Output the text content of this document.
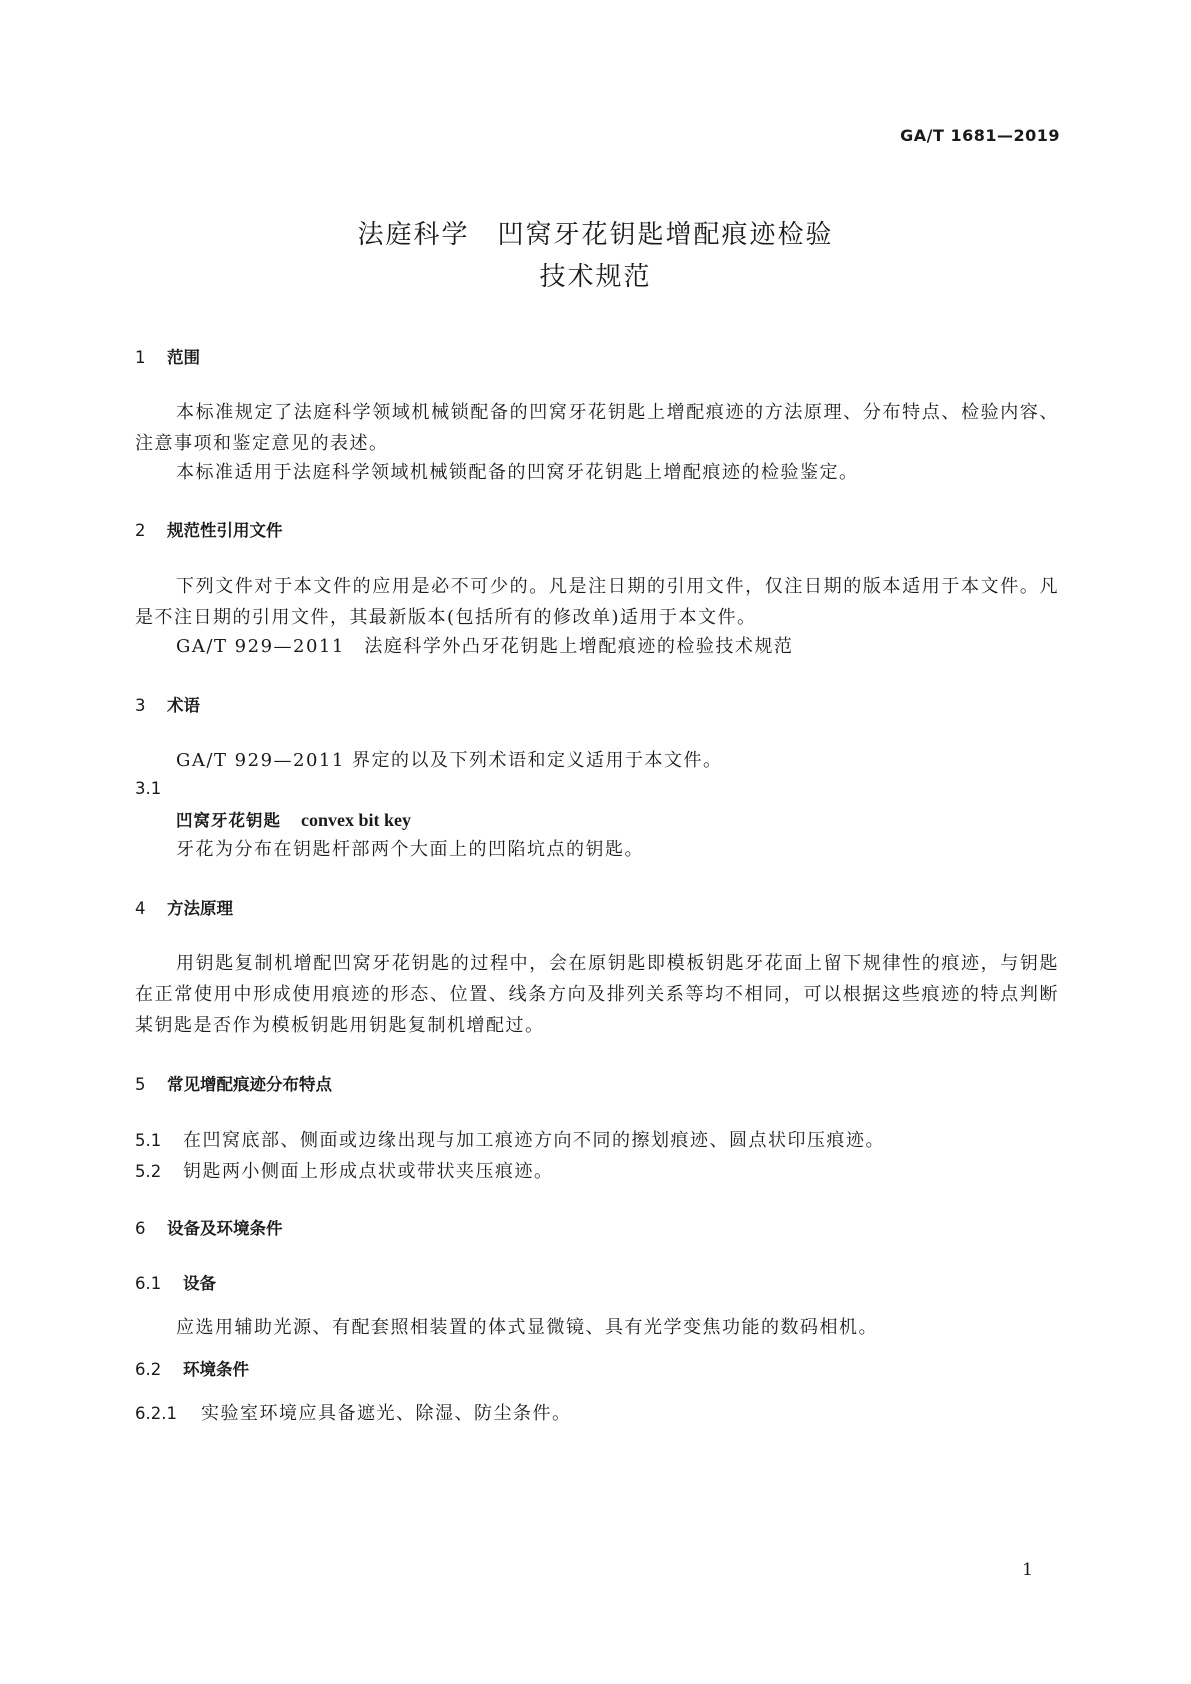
GA/T 1681—2019
法庭科学　凹窝牙花钥匙增配痕迹检验
技术规范
1 范围
本标准规定了法庭科学领域机械锁配备的凹窝牙花钥匙上增配痕迹的方法原理、分布特点、检验内容、注意事项和鉴定意见的表述。
本标准适用于法庭科学领域机械锁配备的凹窝牙花钥匙上增配痕迹的检验鉴定。
2 规范性引用文件
下列文件对于本文件的应用是必不可少的。凡是注日期的引用文件，仅注日期的版本适用于本文件。凡是不注日期的引用文件，其最新版本(包括所有的修改单)适用于本文件。
GA/T 929—2011　法庭科学外凸牙花钥匙上增配痕迹的检验技术规范
3 术语
GA/T 929—2011 界定的以及下列术语和定义适用于本文件。
3.1
凹窝牙花钥匙 convex bit key
牙花为分布在钥匙杆部两个大面上的凹陷坑点的钥匙。
4 方法原理
用钥匙复制机增配凹窝牙花钥匙的过程中，会在原钥匙即模板钥匙牙花面上留下规律性的痕迹，与钥匙在正常使用中形成使用痕迹的形态、位置、线条方向及排列关系等均不相同，可以根据这些痕迹的特点判断某钥匙是否作为模板钥匙用钥匙复制机增配过。
5 常见增配痕迹分布特点
5.1 在凹窝底部、侧面或边缘出现与加工痕迹方向不同的擦划痕迹、圆点状印压痕迹。
5.2 钥匙两小侧面上形成点状或带状夹压痕迹。
6 设备及环境条件
6.1 设备
应选用辅助光源、有配套照相装置的体式显微镜、具有光学变焦功能的数码相机。
6.2 环境条件
6.2.1 实验室环境应具备遮光、除湿、防尘条件。
1
